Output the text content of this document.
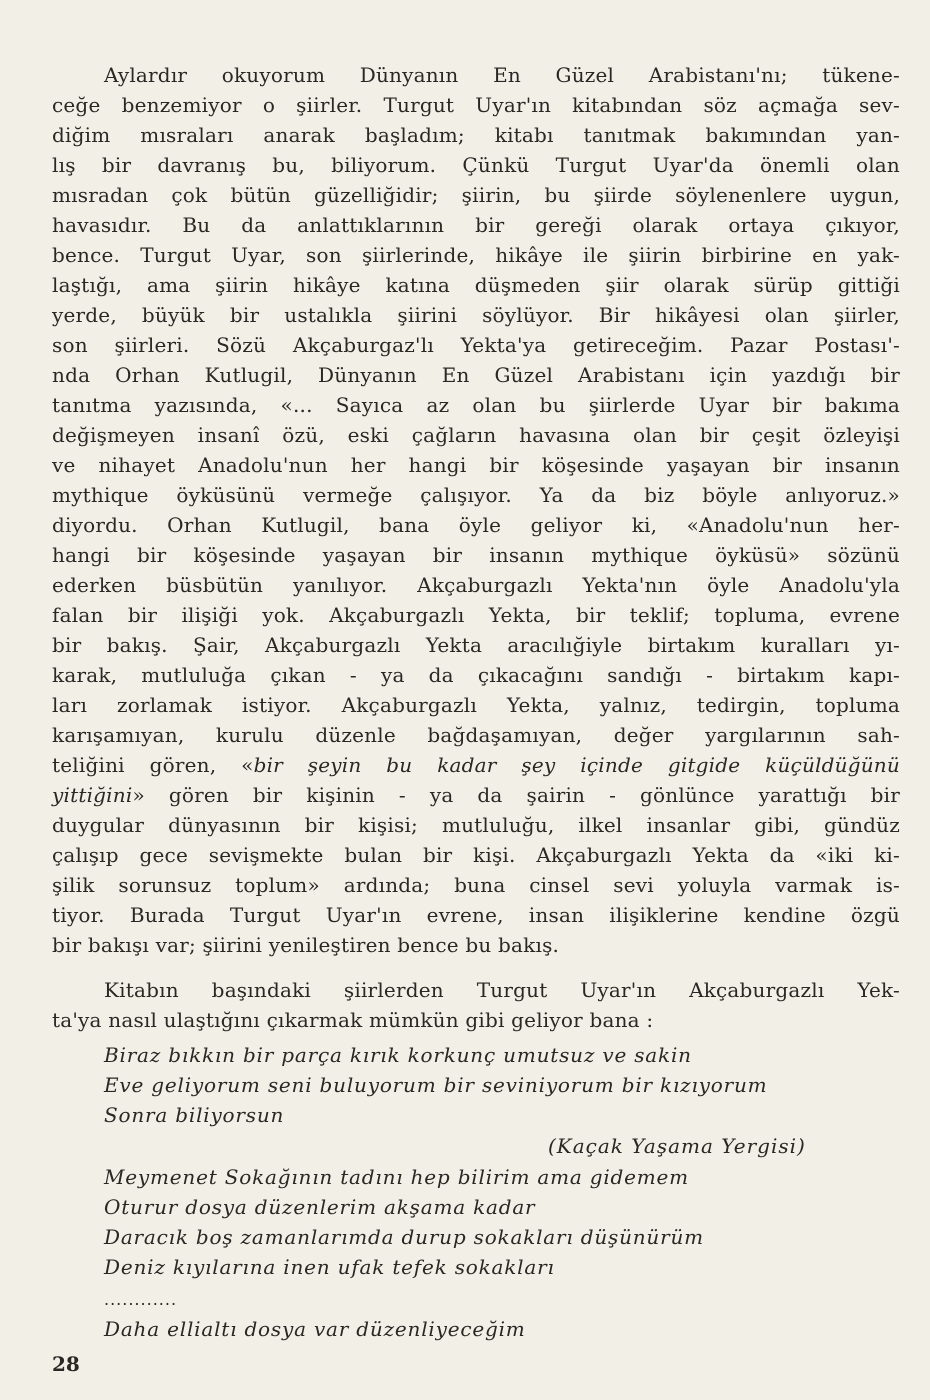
Aylardır okuyorum Dünyanın En Güzel Arabistanı'nı; tükene-
ceğe benzemiyor o şiirler. Turgut Uyar'ın kitabından söz açmağa sev-
diğim mısraları anarak başladım; kitabı tanıtmak bakımından yan-
lış bir davranış bu, biliyorum. Çünkü Turgut Uyar'da önemli olan
mısradan çok bütün güzelliğidir; şiirin, bu şiirde söylenenlere uygun,
havasıdır. Bu da anlattıklarının bir gereği olarak ortaya çıkıyor,
bence. Turgut Uyar, son şiirlerinde, hikâye ile şiirin birbirine en yak-
laştığı, ama şiirin hikâye katına düşmeden şiir olarak sürüp gittiği
yerde, büyük bir ustalıkla şiirini söylüyor. Bir hikâyesi olan şiirler,
son şiirleri. Sözü Akçaburgaz'lı Yekta'ya getireceğim. Pazar Postası'-
nda Orhan Kutlugil, Dünyanın En Güzel Arabistanı için yazdığı bir
tanıtma yazısında, «... Sayıca az olan bu şiirlerde Uyar bir bakıma
değişmeyen insanî özü, eski çağların havasına olan bir çeşit özleyişi
ve nihayet Anadolu'nun her hangi bir köşesinde yaşayan bir insanın
mythique öyküsünü vermeğe çalışıyor. Ya da biz böyle anlıyoruz.»
diyordu. Orhan Kutlugil, bana öyle geliyor ki, «Anadolu'nun her-
hangi bir köşesinde yaşayan bir insanın mythique öyküsü» sözünü
ederken büsbütün yanılıyor. Akçaburgazlı Yekta'nın öyle Anadolu'yla
falan bir ilişiği yok. Akçaburgazlı Yekta, bir teklif; topluma, evrene
bir bakış. Şair, Akçaburgazlı Yekta aracılığiyle birtakım kuralları yı-
karak, mutluluğa çıkan - ya da çıkacağını sandığı - birtakım kapı-
ları zorlamak istiyor. Akçaburgazlı Yekta, yalnız, tedirgin, topluma
karışamıyan, kurulu düzenle bağdaşamıyan, değer yargılarının sah-
teliğini gören, «bir şeyin bu kadar şey içinde gitgide küçüldüğünü
yittiğini» gören bir kişinin - ya da şairin - gönlünce yarattığı bir
duygular dünyasının bir kişisi; mutluluğu, ilkel insanlar gibi, gündüz
çalışıp gece sevişmekte bulan bir kişi. Akçaburgazlı Yekta da «iki ki-
şilik sorunsuz toplum» ardında; buna cinsel sevi yoluyla varmak is-
tiyor. Burada Turgut Uyar'ın evrene, insan ilişiklerine kendine özgü
bir bakışı var; şiirini yenileştiren bence bu bakış.
Kitabın başındaki şiirlerden Turgut Uyar'ın Akçaburgazlı Yek-
ta'ya nasıl ulaştığını çıkarmak mümkün gibi geliyor bana :
Biraz bıkkın bir parça kırık korkunç umutsuz ve sakin
Eve geliyorum seni buluyorum bir seviniyorum bir kızıyorum
Sonra biliyorsun
(Kaçak Yaşama Yergisi)
Meymenet Sokağının tadını hep bilirim ama gidemem
Oturur dosya düzenlerim akşama kadar
Daracık boş zamanlarımda durup sokakları düşünürüm
Deniz kıyılarına inen ufak tefek sokakları
............
Daha ellialtı dosya var düzenliyeceğim
28
